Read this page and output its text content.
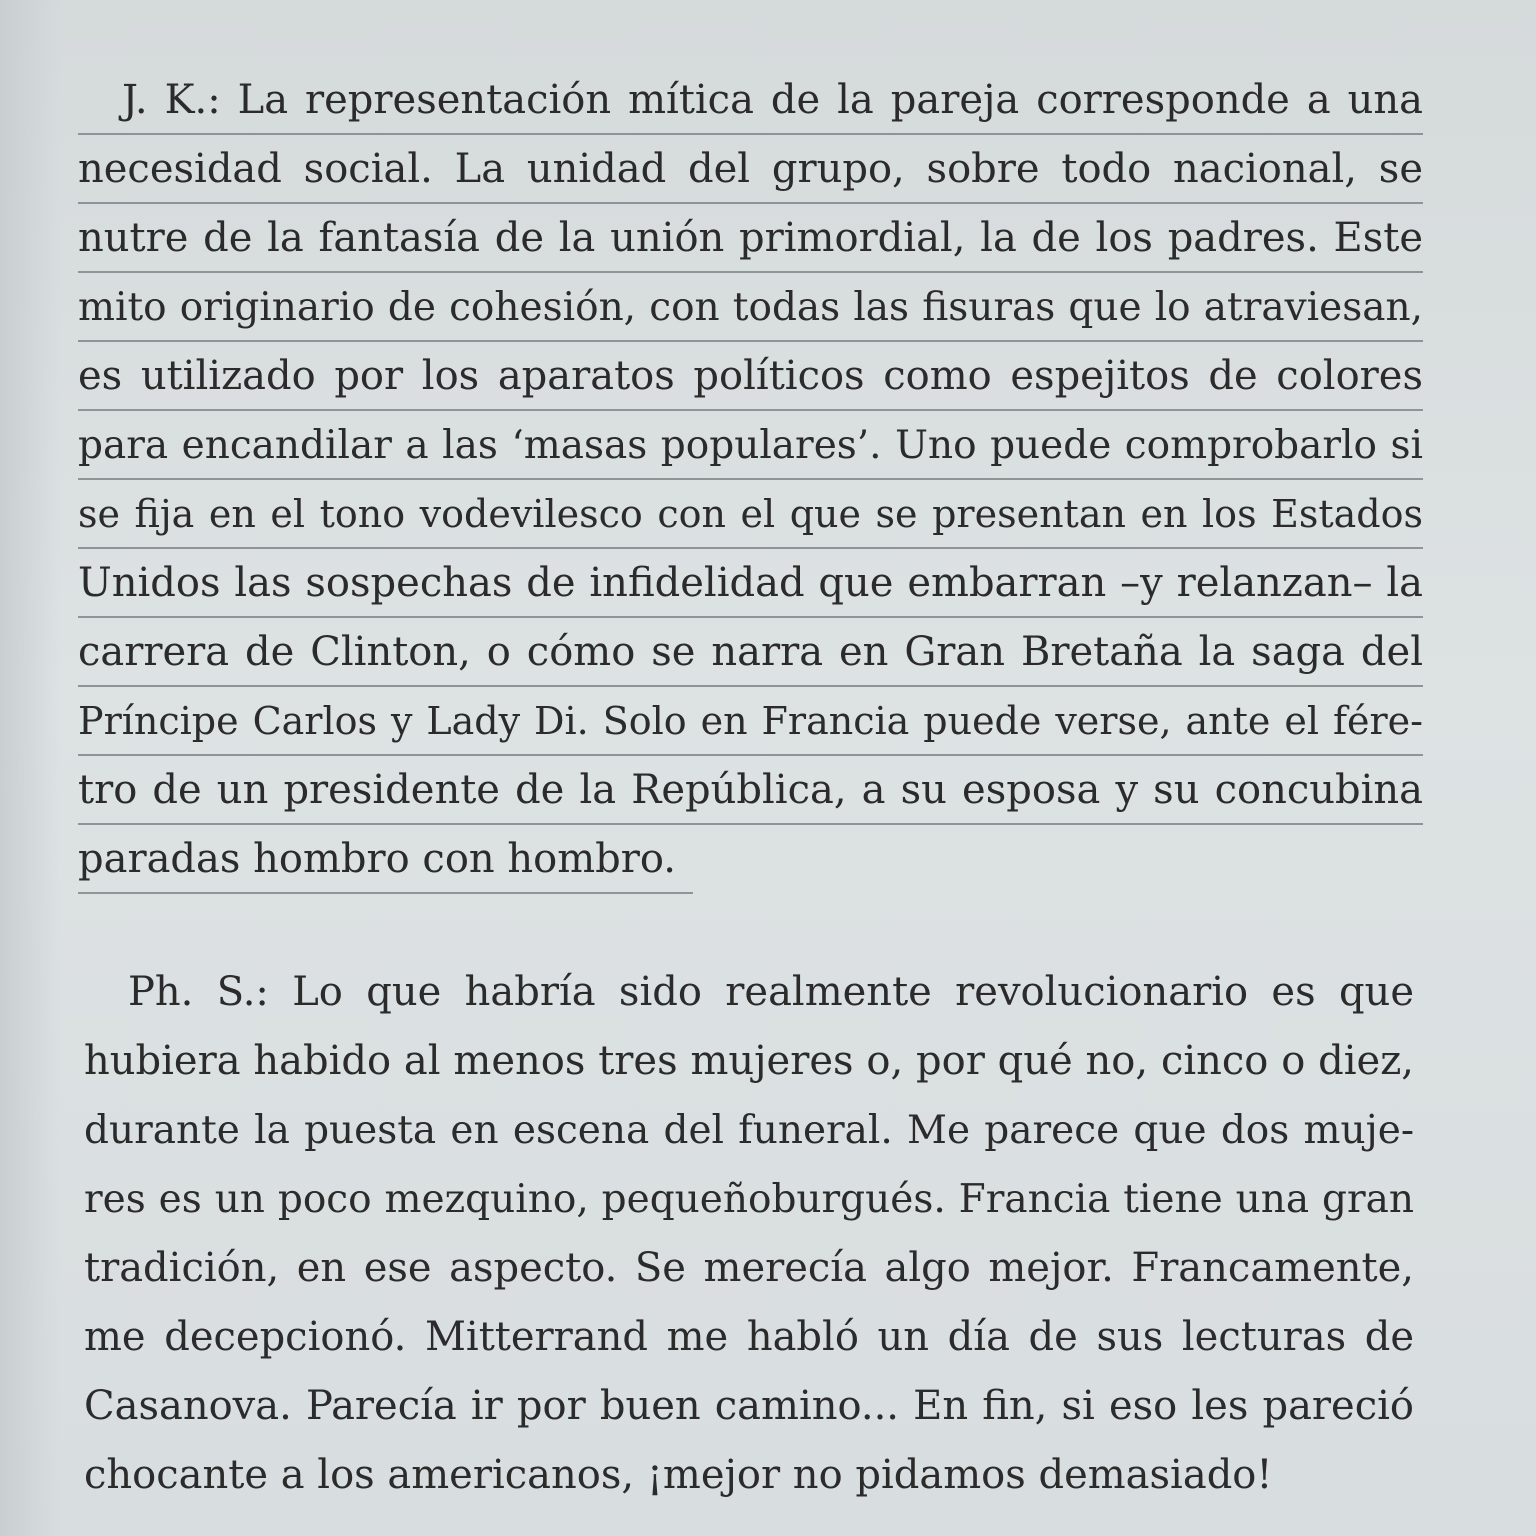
J. K.: La representación mítica de la pareja corresponde a una
necesidad social. La unidad del grupo, sobre todo nacional, se
nutre de la fantasía de la unión primordial, la de los padres. Este
mito originario de cohesión, con todas las fisuras que lo atraviesan,
es utilizado por los aparatos políticos como espejitos de colores
para encandilar a las ‘masas populares’. Uno puede comprobarlo si
se fija en el tono vodevilesco con el que se presentan en los Estados
Unidos las sospechas de infidelidad que embarran –y relanzan– la
carrera de Clinton, o cómo se narra en Gran Bretaña la saga del
Príncipe Carlos y Lady Di. Solo en Francia puede verse, ante el fére-
tro de un presidente de la República, a su esposa y su concubina
paradas hombro con hombro.
Ph. S.: Lo que habría sido realmente revolucionario es que
hubiera habido al menos tres mujeres o, por qué no, cinco o diez,
durante la puesta en escena del funeral. Me parece que dos muje-
res es un poco mezquino, pequeñoburgués. Francia tiene una gran
tradición, en ese aspecto. Se merecía algo mejor. Francamente,
me decepcionó. Mitterrand me habló un día de sus lecturas de
Casanova. Parecía ir por buen camino... En fin, si eso les pareció
chocante a los americanos, ¡mejor no pidamos demasiado!
